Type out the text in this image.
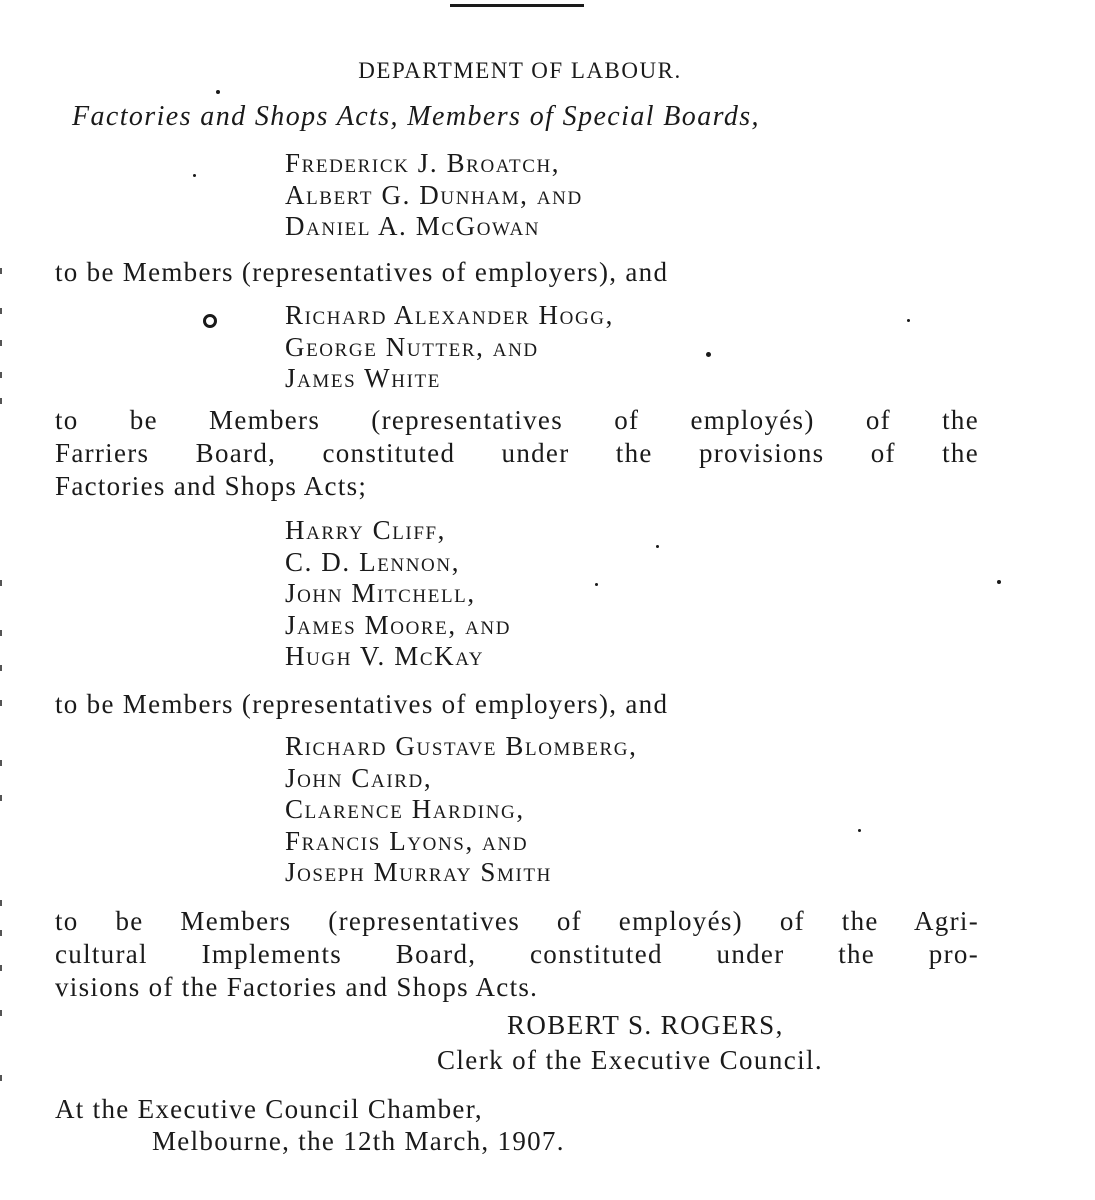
DEPARTMENT OF LABOUR.
Factories and Shops Acts, Members of Special Boards,
Frederick J. Broatch,
Albert G. Dunham, and
Daniel A. McGowan
to be Members (representatives of employers), and
Richard Alexander Hogg,
George Nutter, and
James White
to be Members (representatives of employés) of the
Farriers Board, constituted under the provisions of the
Factories and Shops Acts;
Harry Cliff,
C. D. Lennon,
John Mitchell,
James Moore, and
Hugh V. McKay
to be Members (representatives of employers), and
Richard Gustave Blomberg,
John Caird,
Clarence Harding,
Francis Lyons, and
Joseph Murray Smith
to be Members (representatives of employés) of the Agri-
cultural Implements Board, constituted under the pro-
visions of the Factories and Shops Acts.
ROBERT S. ROGERS,
Clerk of the Executive Council.
At the Executive Council Chamber,
Melbourne, the 12th March, 1907.
